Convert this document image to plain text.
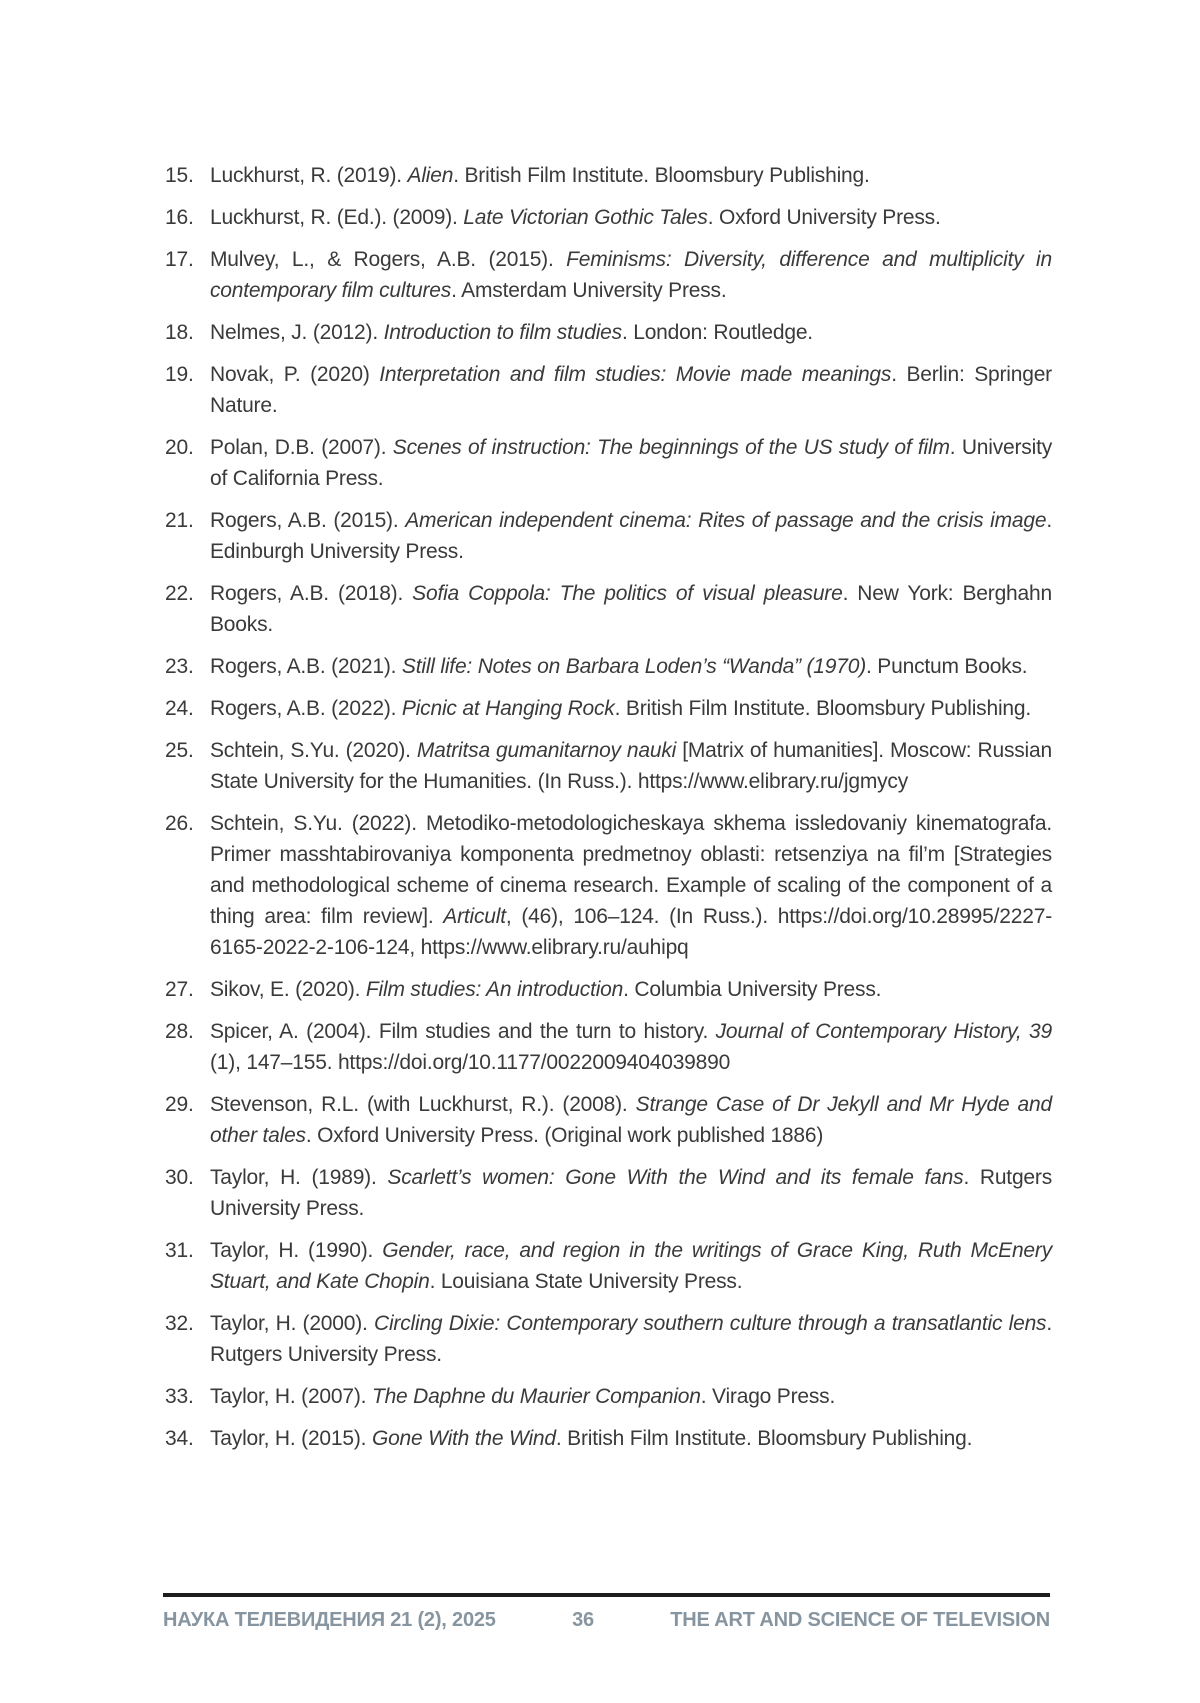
15. Luckhurst, R. (2019). Alien. British Film Institute. Bloomsbury Publishing.
16. Luckhurst, R. (Ed.). (2009). Late Victorian Gothic Tales. Oxford University Press.
17. Mulvey, L., & Rogers, A.B. (2015). Feminisms: Diversity, difference and multiplicity in contemporary film cultures. Amsterdam University Press.
18. Nelmes, J. (2012). Introduction to film studies. London: Routledge.
19. Novak, P. (2020) Interpretation and film studies: Movie made meanings. Berlin: Springer Nature.
20. Polan, D.B. (2007). Scenes of instruction: The beginnings of the US study of film. University of California Press.
21. Rogers, A.B. (2015). American independent cinema: Rites of passage and the crisis image. Edinburgh University Press.
22. Rogers, A.B. (2018). Sofia Coppola: The politics of visual pleasure. New York: Berghahn Books.
23. Rogers, A.B. (2021). Still life: Notes on Barbara Loden’s “Wanda” (1970). Punctum Books.
24. Rogers, A.B. (2022). Picnic at Hanging Rock. British Film Institute. Bloomsbury Publishing.
25. Schtein, S.Yu. (2020). Matritsa gumanitarnoy nauki [Matrix of humanities]. Moscow: Russian State University for the Humanities. (In Russ.). https://www.elibrary.ru/jgmycy
26. Schtein, S.Yu. (2022). Metodiko-metodologicheskaya skhema issledovaniy kinematografa. Primer masshtabirovaniya komponenta predmetnoy oblasti: retsenziya na fil’m [Strategies and methodological scheme of cinema research. Example of scaling of the component of a thing area: film review]. Articult, (46), 106–124. (In Russ.). https://doi.org/10.28995/2227-6165-2022-2-106-124, https://www.elibrary.ru/auhipq
27. Sikov, E. (2020). Film studies: An introduction. Columbia University Press.
28. Spicer, A. (2004). Film studies and the turn to history. Journal of Contemporary History, 39 (1), 147–155. https://doi.org/10.1177/0022009404039890
29. Stevenson, R.L. (with Luckhurst, R.). (2008). Strange Case of Dr Jekyll and Mr Hyde and other tales. Oxford University Press. (Original work published 1886)
30. Taylor, H. (1989). Scarlett’s women: Gone With the Wind and its female fans. Rutgers University Press.
31. Taylor, H. (1990). Gender, race, and region in the writings of Grace King, Ruth McEnery Stuart, and Kate Chopin. Louisiana State University Press.
32. Taylor, H. (2000). Circling Dixie: Contemporary southern culture through a transatlantic lens. Rutgers University Press.
33. Taylor, H. (2007). The Daphne du Maurier Companion. Virago Press.
34. Taylor, H. (2015). Gone With the Wind. British Film Institute. Bloomsbury Publishing.
НАУКА ТЕЛЕВИДЕНИЯ 21 (2), 2025	36	THE ART AND SCIENCE OF TELEVISION
